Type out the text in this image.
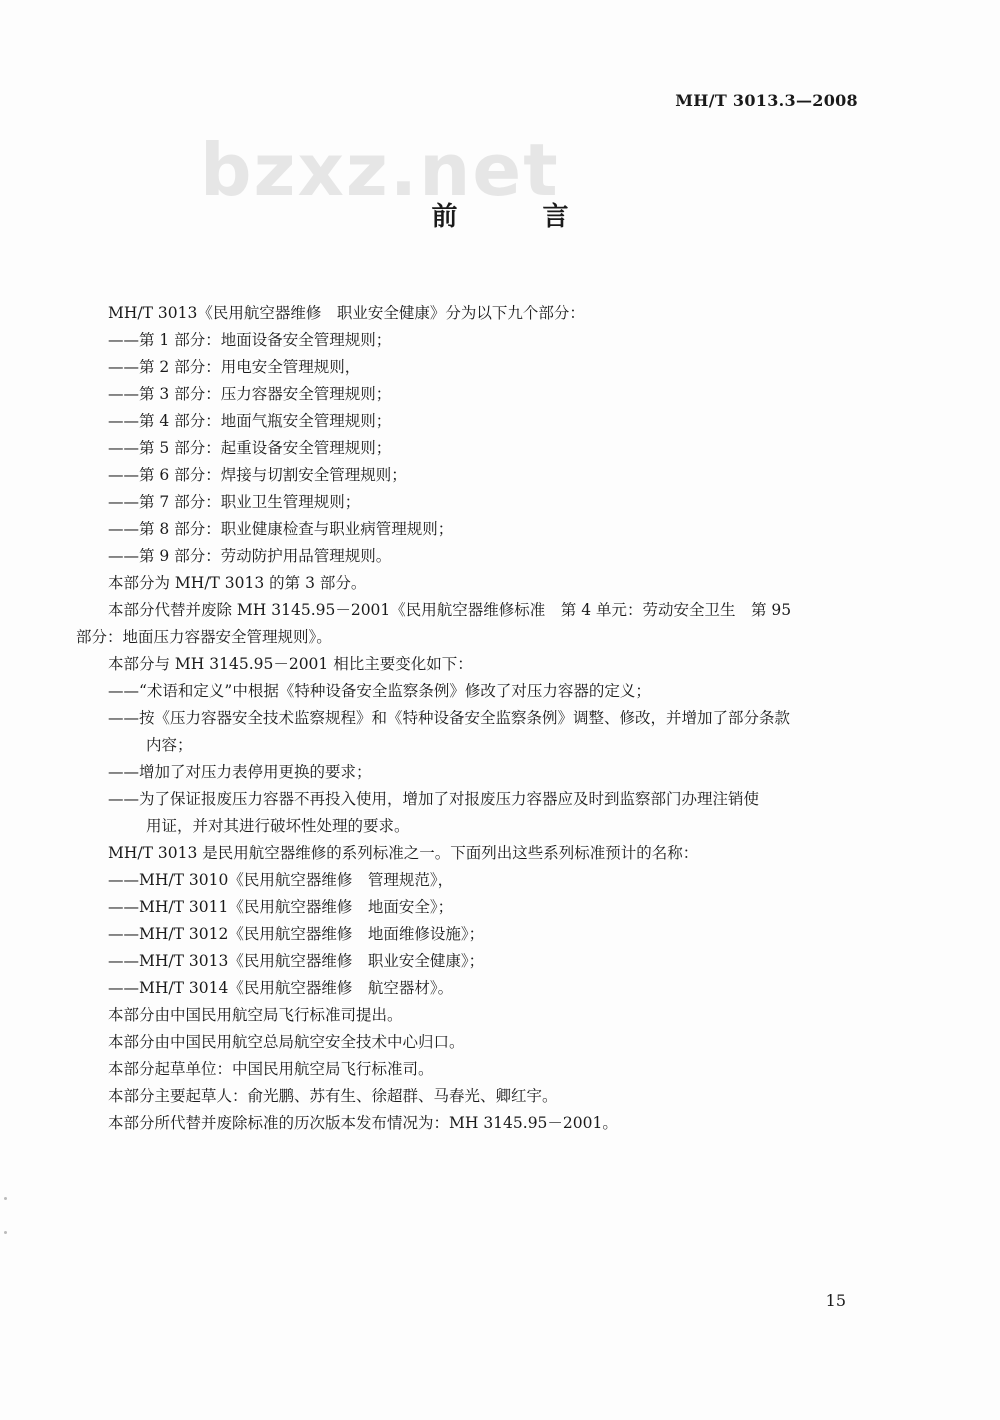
MH/T 3013.3—2008
bzxz.net
前 言
MH/T 3013《民用航空器维修　职业安全健康》分为以下九个部分：
——第 1 部分：地面设备安全管理规则；
——第 2 部分：用电安全管理规则，
——第 3 部分：压力容器安全管理规则；
——第 4 部分：地面气瓶安全管理规则；
——第 5 部分：起重设备安全管理规则；
——第 6 部分：焊接与切割安全管理规则；
——第 7 部分：职业卫生管理规则；
——第 8 部分：职业健康检查与职业病管理规则；
——第 9 部分：劳动防护用品管理规则。
本部分为 MH/T 3013 的第 3 部分。
本部分代替并废除 MH 3145.95－2001《民用航空器维修标准　第 4 单元：劳动安全卫生　第 95
部分：地面压力容器安全管理规则》。
本部分与 MH 3145.95－2001 相比主要变化如下：
——“术语和定义”中根据《特种设备安全监察条例》修改了对压力容器的定义；
——按《压力容器安全技术监察规程》和《特种设备安全监察条例》调整、修改，并增加了部分条款
内容；
——增加了对压力表停用更换的要求；
——为了保证报废压力容器不再投入使用，增加了对报废压力容器应及时到监察部门办理注销使
用证，并对其进行破坏性处理的要求。
MH/T 3013 是民用航空器维修的系列标准之一。下面列出这些系列标准预计的名称：
——MH/T 3010《民用航空器维修　管理规范》，
——MH/T 3011《民用航空器维修　地面安全》；
——MH/T 3012《民用航空器维修　地面维修设施》；
——MH/T 3013《民用航空器维修　职业安全健康》；
——MH/T 3014《民用航空器维修　航空器材》。
本部分由中国民用航空局飞行标准司提出。
本部分由中国民用航空总局航空安全技术中心归口。
本部分起草单位：中国民用航空局飞行标准司。
本部分主要起草人：俞光鹏、苏有生、徐超群、马春光、卿红宇。
本部分所代替并废除标准的历次版本发布情况为：MH 3145.95－2001。
15
